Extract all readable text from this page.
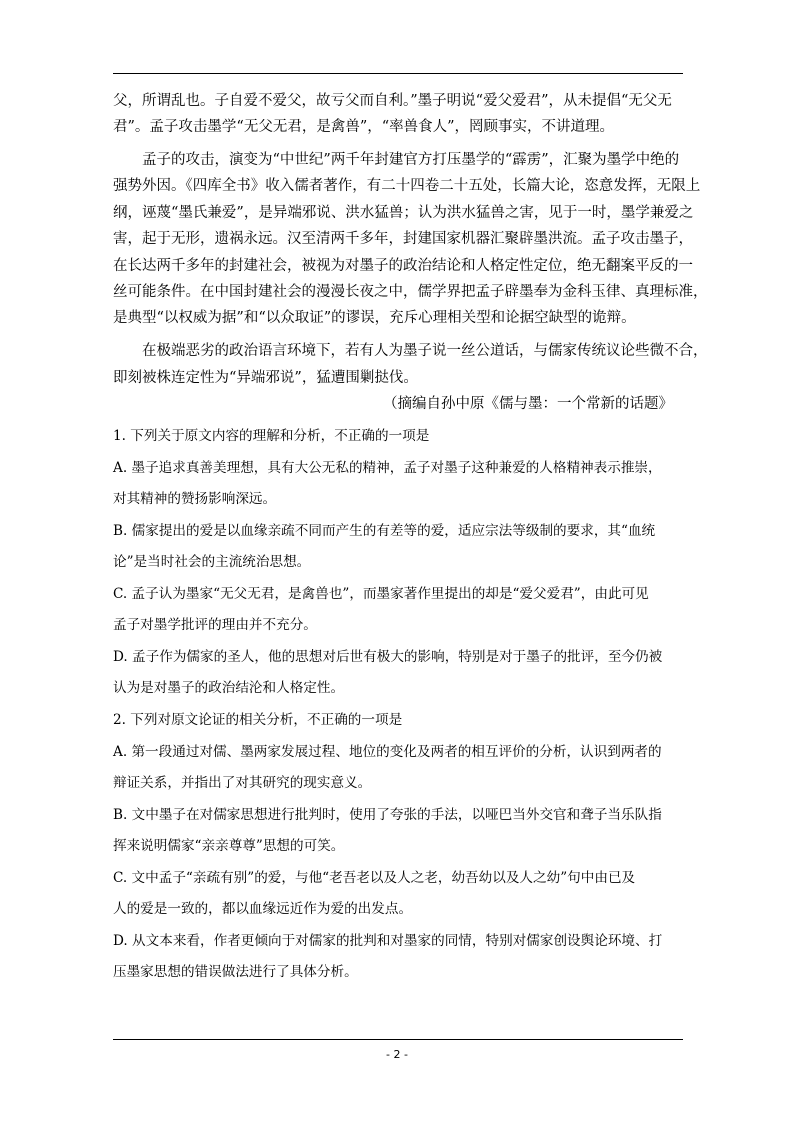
父，所谓乱也。子自爱不爱父，故亏父而自利。”墨子明说“爱父爱君”，从未提倡“无父无
君”。孟子攻击墨学“无父无君，是禽兽”，“率兽食人”，罔顾事实，不讲道理。
孟子的攻击，演变为“中世纪”两千年封建官方打压墨学的“霹雳”，汇聚为墨学中绝的
强势外因。《四库全书》收入儒者著作，有二十四卷二十五处，长篇大论，恣意发挥，无限上
纲，诬蔑“墨氏兼爱”，是异端邪说、洪水猛兽；认为洪水猛兽之害，见于一时，墨学兼爱之
害，起于无形，遗祸永远。汉至清两千多年，封建国家机器汇聚辟墨洪流。孟子攻击墨子，
在长达两千多年的封建社会，被视为对墨子的政治结论和人格定性定位，绝无翻案平反的一
丝可能条件。在中国封建社会的漫漫长夜之中，儒学界把孟子辟墨奉为金科玉律、真理标准，
是典型“以权威为据”和“以众取证”的谬误，充斥心理相关型和论据空缺型的诡辩。
在极端恶劣的政治语言环境下，若有人为墨子说一丝公道话，与儒家传统议论些微不合，
即刻被株连定性为“异端邪说”，猛遭围剿挞伐。
（摘编自孙中原《儒与墨：一个常新的话题》
1. 下列关于原文内容的理解和分析，不正确的一项是
A. 墨子追求真善美理想，具有大公无私的精神，孟子对墨子这种兼爱的人格精神表示推崇，
对其精神的赞扬影响深远。
B. 儒家提出的爱是以血缘亲疏不同而产生的有差等的爱，适应宗法等级制的要求，其“血统
论”是当时社会的主流统治思想。
C. 孟子认为墨家“无父无君，是禽兽也”，而墨家著作里提出的却是“爱父爱君”，由此可见
孟子对墨学批评的理由并不充分。
D. 孟子作为儒家的圣人，他的思想对后世有极大的影响，特别是对于墨子的批评，至今仍被
认为是对墨子的政治结沦和人格定性。
2. 下列对原文论证的相关分析，不正确的一项是
A. 第一段通过对儒、墨两家发展过程、地位的变化及两者的相互评价的分析，认识到两者的
辩证关系，并指出了对其研究的现实意义。
B. 文中墨子在对儒家思想进行批判时，使用了夸张的手法，以哑巴当外交官和聋子当乐队指
挥来说明儒家“亲亲尊尊”思想的可笑。
C. 文中孟子“亲疏有别”的爱，与他“老吾老以及人之老，幼吾幼以及人之幼”句中由已及
人的爱是一致的，都以血缘远近作为爱的出发点。
D. 从文本来看，作者更倾向于对儒家的批判和对墨家的同情，特别对儒家创设舆论环境、打
压墨家思想的错误做法进行了具体分析。
- 2 -
